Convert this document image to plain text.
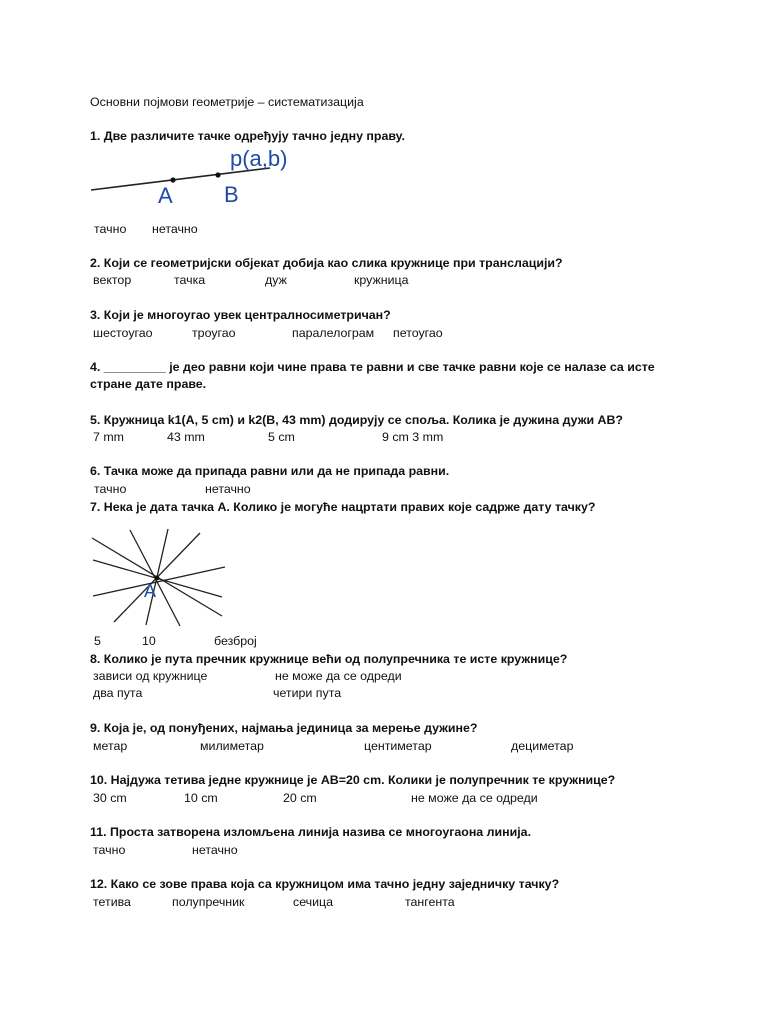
Основни појмови геометрије – систематизација
1. Две различите тачке одређују тачно једну праву.
p(a,b)
A B
тачно нетачно
2. Који се геометријски објекат добија као слика кружнице при транслацији?
вектор	тачка	дуж	кружница
3. Који је многоугао увек централносиметричан?
шестоугао	троугао	паралелограм петоугао
4. _________ је део равни који чине права те равни и све тачке равни које се налазе са исте
стране дате праве.
5. Кружница k1(A, 5 cm) и k2(B, 43 mm) додирују се споља. Колика је дужина дужи AB?
7 mm	43 mm	5 cm	9 cm 3 mm
6. Тачка може да припада равни или да не припада равни.
тачно	нетачно
7. Нека је дата тачка А. Колико је могуће нацртати правих које садрже дату тачку?
A
5	10	безброј
8. Колико је пута пречник кружнице већи од полупречника те исте кружнице?
зависи од кружнице	не може да се одреди
два пута	четири пута
9. Која је, од понуђених, најмања јединица за мерење дужине?
метар	милиметар	центиметар	дециметар
10. Најдужа тетива једне кружнице је AB=20 cm. Колики је полупречник те кружнице?
30 cm	10 cm	20 cm	не може да се одреди
11. Проста затворена изломљена линија назива се многоугаона линија.
тачно	нетачно
12. Како се зове права која са кружницом има тачно једну заједничку тачку?
тетива	полупречник	сечица	тангента
